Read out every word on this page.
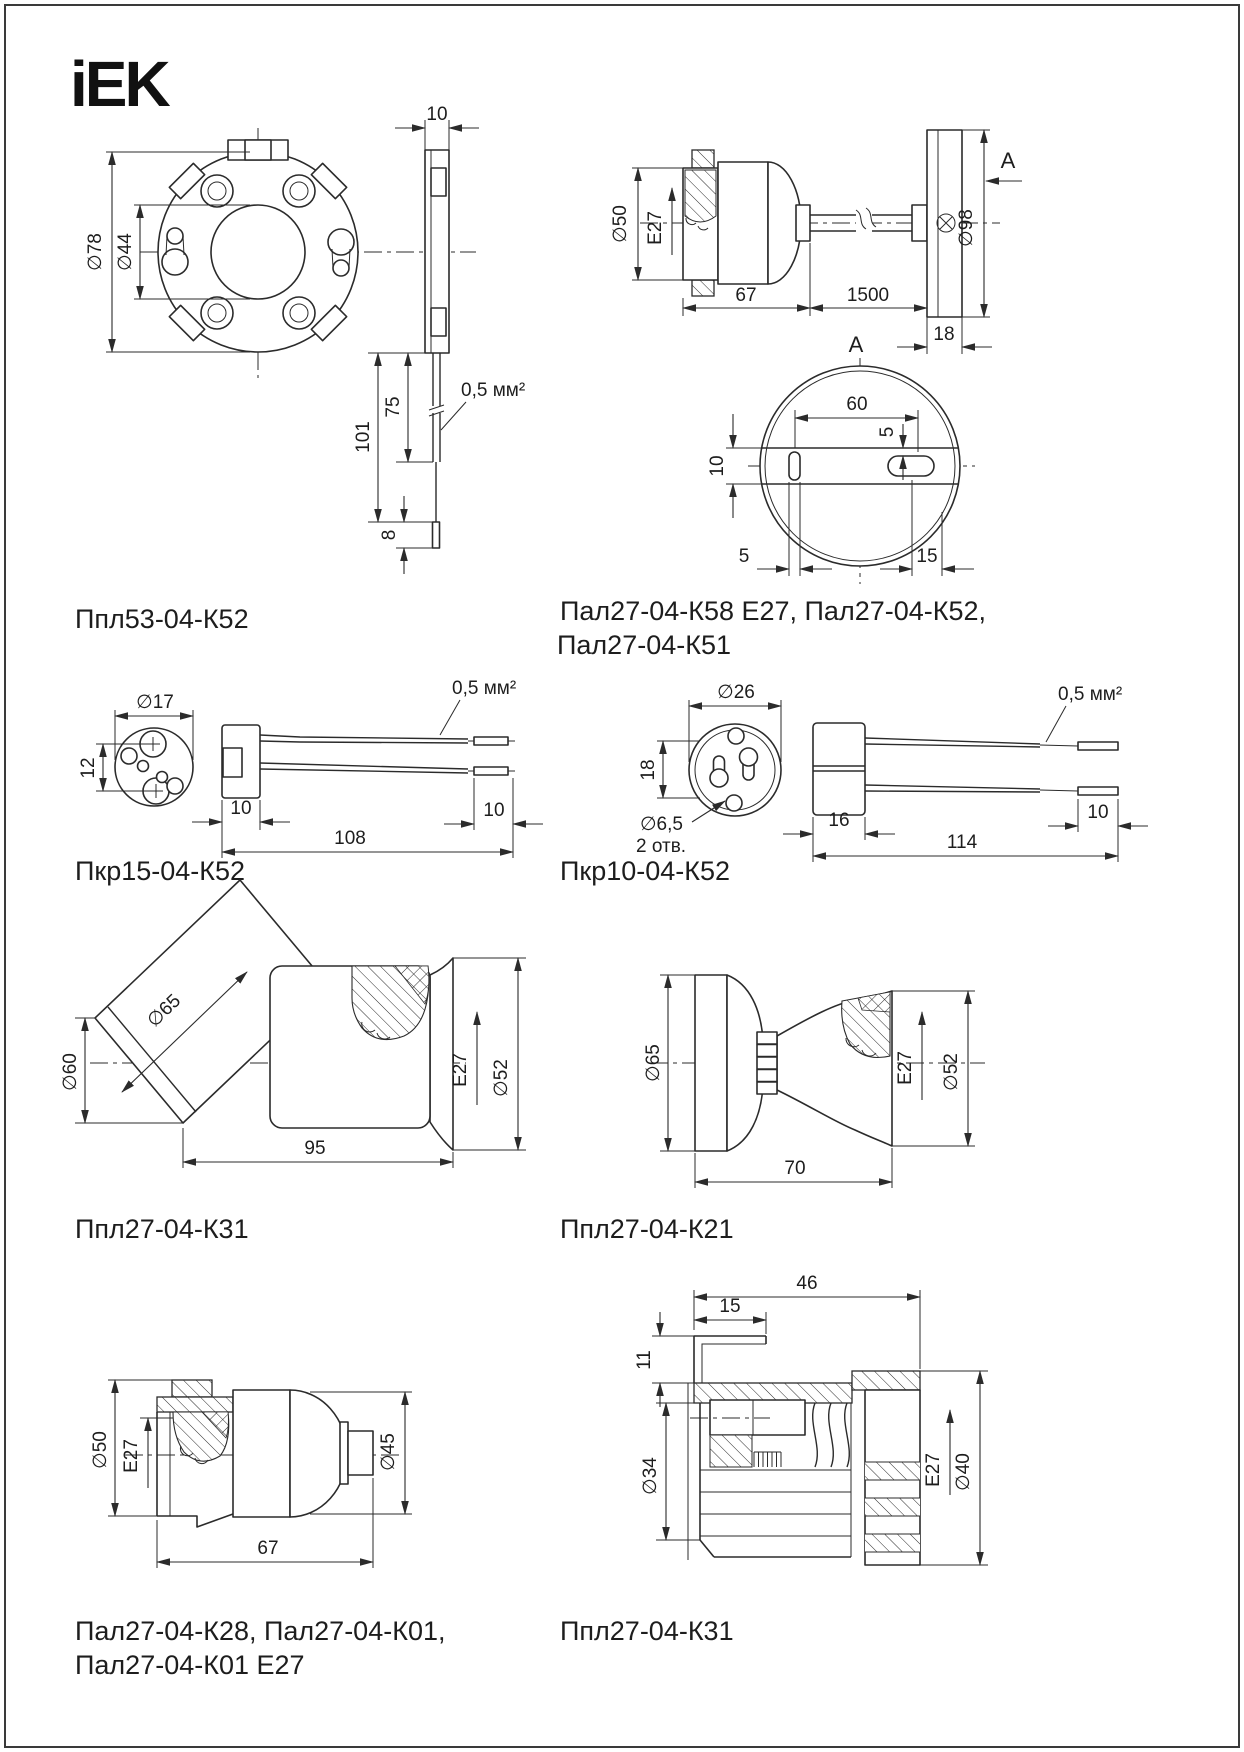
iEK
∅78 ∅44
10
75
101
8
0,5 мм²
Ппл53-04-К52
∅50 E27
67	1500
∅98
A
18
A
60
5
10
5	15
Пал27-04-К58 Е27, Пал27-04-К52,
Пал27-04-К51
∅17
12
10	10
108
0,5 мм²
Пкр15-04-К52
∅26
18
∅6,5
2 отв.
16	10
114
0,5 мм²
Пкр10-04-К52
E27 ∅52
∅60
∅65
95
Ппл27-04-К31
∅65	E27 ∅52
70
Ппл27-04-К21
E27
∅50	∅45
67
Пал27-04-К28, Пал27-04-К01,
Пал27-04-К01 Е27
46
15
11
∅34	E27 ∅40
Ппл27-04-К31
